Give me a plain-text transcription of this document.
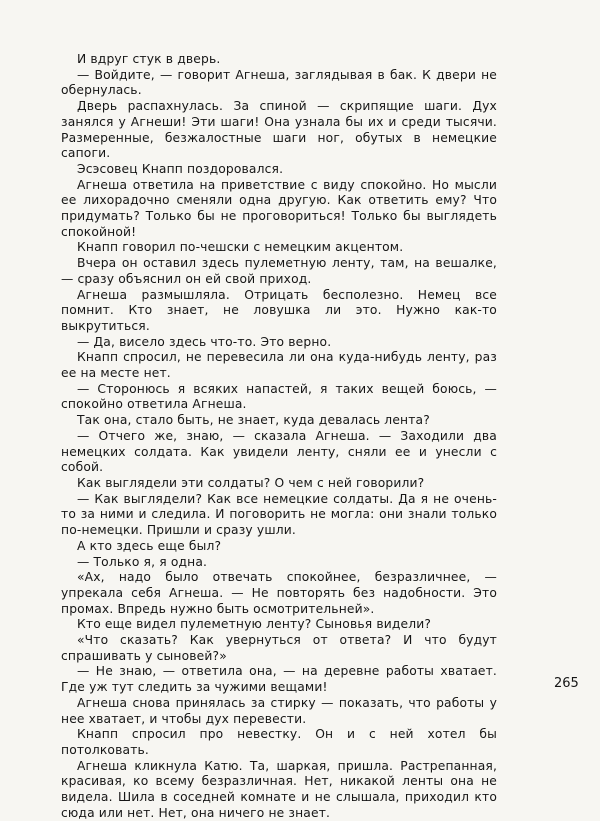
И вдруг стук в дверь.

— Войдите, — говорит Агнеша, заглядывая в бак. К двери не обернулась.

Дверь распахнулась. За спиной — скрипящие шаги. Дух занялся у Агнеши! Эти шаги! Она узнала бы их и среди тысячи. Размеренные, безжалостные шаги ног, обутых в немецкие сапоги.

Эсэсовец Кнапп поздоровался.

Агнеша ответила на приветствие с виду спокойно. Но мысли ее лихорадочно сменяли одна другую. Как ответить ему? Что придумать? Только бы не проговориться! Только бы выглядеть спокойной!

Кнапп говорил по-чешски с немецким акцентом.

Вчера он оставил здесь пулеметную ленту, там, на вешалке, — сразу объяснил он ей свой приход.

Агнеша размышляла. Отрицать бесполезно. Немец все помнит. Кто знает, не ловушка ли это. Нужно как-то выкрутиться.

— Да, висело здесь что-то. Это верно.

Кнапп спросил, не перевесила ли она куда-нибудь ленту, раз ее на месте нет.

— Сторонюсь я всяких напастей, я таких вещей боюсь, — спокойно ответила Агнеша.

Так она, стало быть, не знает, куда девалась лента?

— Отчего же, знаю, — сказала Агнеша. — Заходили два немецких солдата. Как увидели ленту, сняли ее и унесли с собой.

Как выглядели эти солдаты? О чем с ней говорили?

— Как выглядели? Как все немецкие солдаты. Да я не очень-то за ними и следила. И поговорить не могла: они знали только по-немецки. Пришли и сразу ушли.

А кто здесь еще был?

— Только я, я одна.

«Ах, надо было отвечать спокойнее, безразличнее, — упрекала себя Агнеша. — Не повторять без надобности. Это промах. Впредь нужно быть осмотрительней».

Кто еще видел пулеметную ленту? Сыновья видели?

«Что сказать? Как увернуться от ответа? И что будут спрашивать у сыновей?»

— Не знаю, — ответила она, — на деревне работы хватает. Где уж тут следить за чужими вещами!

Агнеша снова принялась за стирку — показать, что работы у нее хватает, и чтобы дух перевести.

Кнапп спросил про невестку. Он и с ней хотел бы потолковать.

Агнеша кликнула Катю. Та, шаркая, пришла. Растрепанная, красивая, ко всему безразличная. Нет, никакой ленты она не видела. Шила в соседней комнате и не слышала, приходил кто сюда или нет. Нет, она ничего не знает.

265
